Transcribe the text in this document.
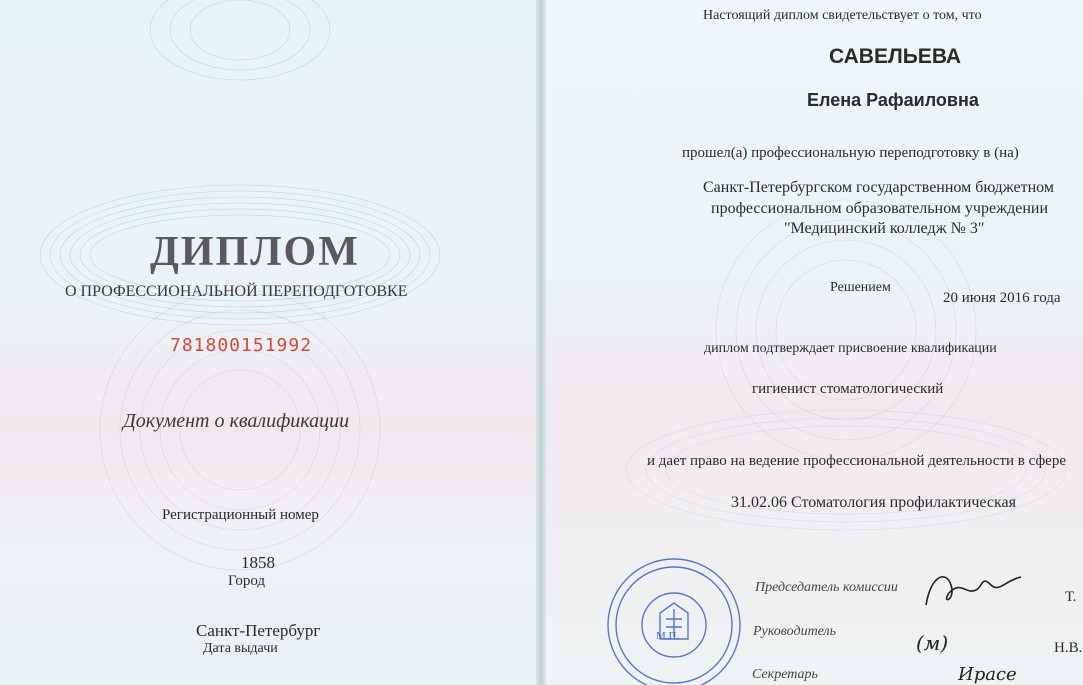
ДИПЛОМ
О ПРОФЕССИОНАЛЬНОЙ ПЕРЕПОДГОТОВКЕ
781800151992
Документ о квалификации
Регистрационный номер
1858
Город
Санкт-Петербург
Дата выдачи
Настоящий диплом свидетельствует о том, что
САВЕЛЬЕВА
Елена Рафаиловна
прошел(а) профессиональную переподготовку в (на)
Санкт-Петербургском государственном бюджетном
профессиональном образовательном учреждении
"Медицинский колледж № 3"
Решением
20 июня 2016 года
диплом подтверждает присвоение квалификации
гигиенист стоматологический
и дает право на ведение профессиональной деятельности в сфере
31.02.06 Стоматология профилактическая
М.П.
Председатель комиссии
Руководитель
Секретарь
(м)
Ирасе
Т.
Н.В.
